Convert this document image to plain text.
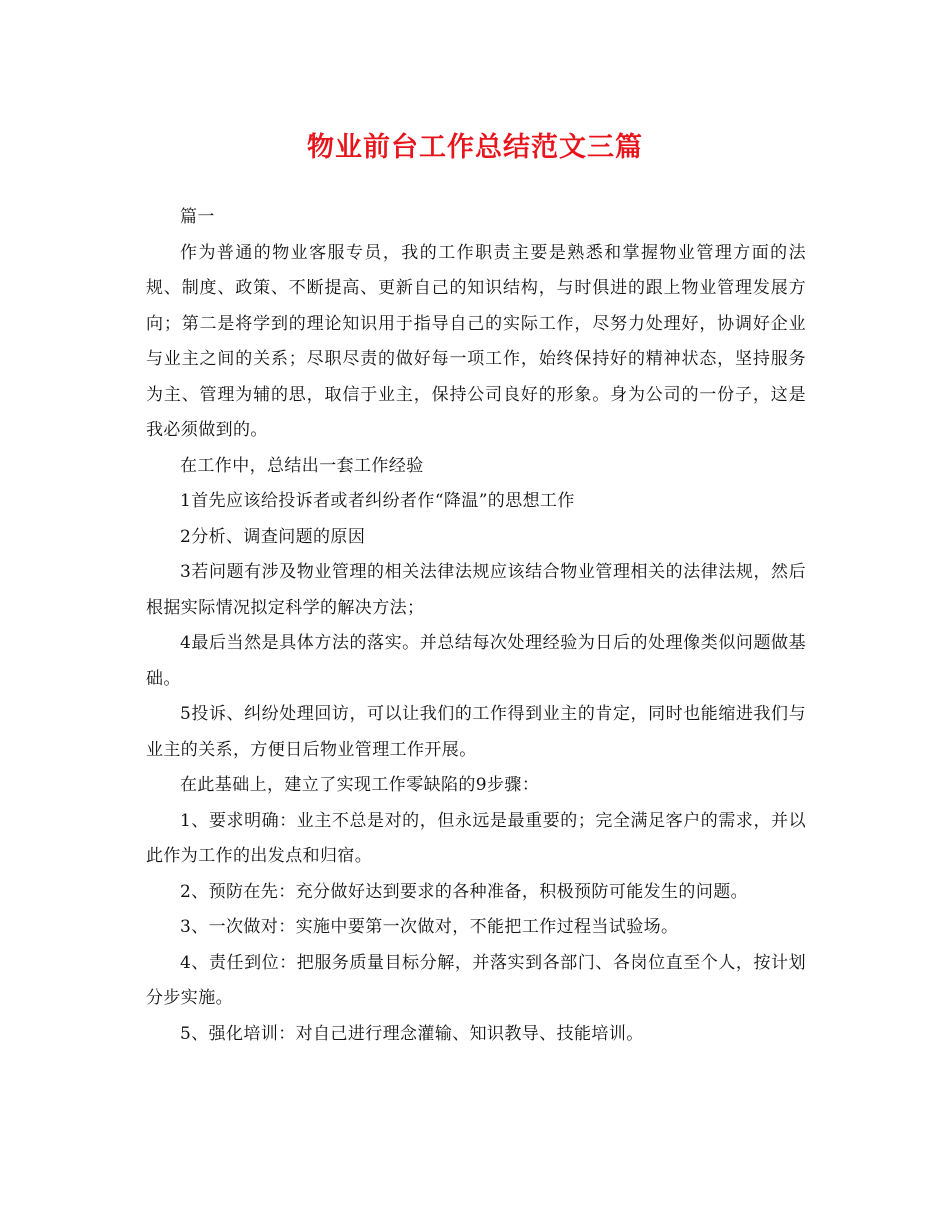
物业前台工作总结范文三篇

篇一

作为普通的物业客服专员，我的工作职责主要是熟悉和掌握物业管理方面的法规、制度、政策、不断提高、更新自己的知识结构，与时俱进的跟上物业管理发展方向；第二是将学到的理论知识用于指导自己的实际工作，尽努力处理好，协调好企业与业主之间的关系；尽职尽责的做好每一项工作，始终保持好的精神状态，坚持服务为主、管理为辅的思，取信于业主，保持公司良好的形象。身为公司的一份子，这是我必须做到的。

在工作中，总结出一套工作经验

1首先应该给投诉者或者纠纷者作“降温”的思想工作

2分析、调查问题的原因

3若问题有涉及物业管理的相关法律法规应该结合物业管理相关的法律法规，然后根据实际情况拟定科学的解决方法；

4最后当然是具体方法的落实。并总结每次处理经验为日后的处理像类似问题做基础。

5投诉、纠纷处理回访，可以让我们的工作得到业主的肯定，同时也能缩进我们与业主的关系，方便日后物业管理工作开展。

在此基础上，建立了实现工作零缺陷的9步骤：

1、要求明确：业主不总是对的，但永远是最重要的；完全满足客户的需求，并以此作为工作的出发点和归宿。

2、预防在先：充分做好达到要求的各种准备，积极预防可能发生的问题。

3、一次做对：实施中要第一次做对，不能把工作过程当试验场。

4、责任到位：把服务质量目标分解，并落实到各部门、各岗位直至个人，按计划分步实施。

5、强化培训：对自己进行理念灌输、知识教导、技能培训。
